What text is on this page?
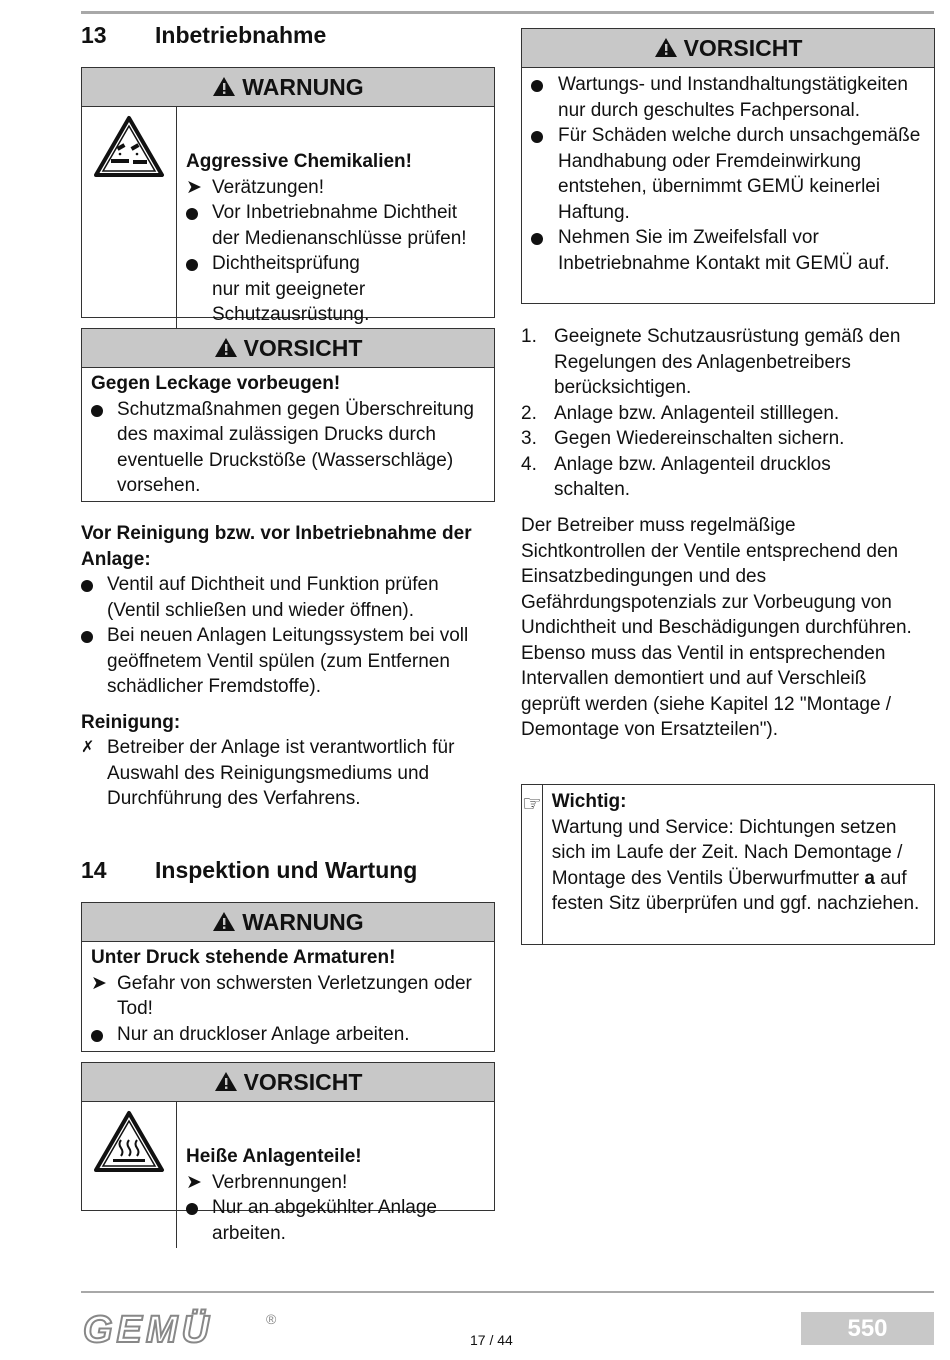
13 Inbetriebnahme
WARNUNG
Aggressive Chemikalien!
➤ Verätzungen!
Vor Inbetriebnahme Dichtheit der Medienanschlüsse prüfen!
Dichtheitsprüfung nur mit geeigneter Schutzausrüstung.
VORSICHT
Gegen Leckage vorbeugen!
Schutzmaßnahmen gegen Überschreitung des maximal zulässigen Drucks durch eventuelle Druckstöße (Wasserschläge) vorsehen.
Vor Reinigung bzw. vor Inbetriebnahme der Anlage:
Ventil auf Dichtheit und Funktion prüfen (Ventil schließen und wieder öffnen).
Bei neuen Anlagen Leitungssystem bei voll geöffnetem Ventil spülen (zum Entfernen schädlicher Fremdstoffe).
Reinigung:
✗ Betreiber der Anlage ist verantwortlich für Auswahl des Reinigungsmediums und Durchführung des Verfahrens.
14 Inspektion und Wartung
WARNUNG
Unter Druck stehende Armaturen!
➤ Gefahr von schwersten Verletzungen oder Tod!
Nur an druckloser Anlage arbeiten.
VORSICHT
Heiße Anlagenteile!
➤ Verbrennungen!
Nur an abgekühlter Anlage arbeiten.
VORSICHT
Wartungs- und Instandhaltungstätigkeiten nur durch geschultes Fachpersonal.
Für Schäden welche durch unsachgemäße Handhabung oder Fremdeinwirkung entstehen, übernimmt GEMÜ keinerlei Haftung.
Nehmen Sie im Zweifelsfall vor Inbetriebnahme Kontakt mit GEMÜ auf.
1. Geeignete Schutzausrüstung gemäß den Regelungen des Anlagenbetreibers berücksichtigen.
2. Anlage bzw. Anlagenteil stilllegen.
3. Gegen Wiedereinschalten sichern.
4. Anlage bzw. Anlagenteil drucklos schalten.
Der Betreiber muss regelmäßige Sichtkontrollen der Ventile entsprechend den Einsatzbedingungen und des Gefährdungspotenzials zur Vorbeugung von Undichtheit und Beschädigungen durchführen. Ebenso muss das Ventil in entsprechenden Intervallen demontiert und auf Verschleiß geprüft werden (siehe Kapitel 12 "Montage / Demontage von Ersatzteilen").
☞ Wichtig:
Wartung und Service: Dichtungen setzen sich im Laufe der Zeit. Nach Demontage / Montage des Ventils Überwurfmutter a auf festen Sitz überprüfen und ggf. nachziehen.
GEMÜ	®
17 / 44	550
